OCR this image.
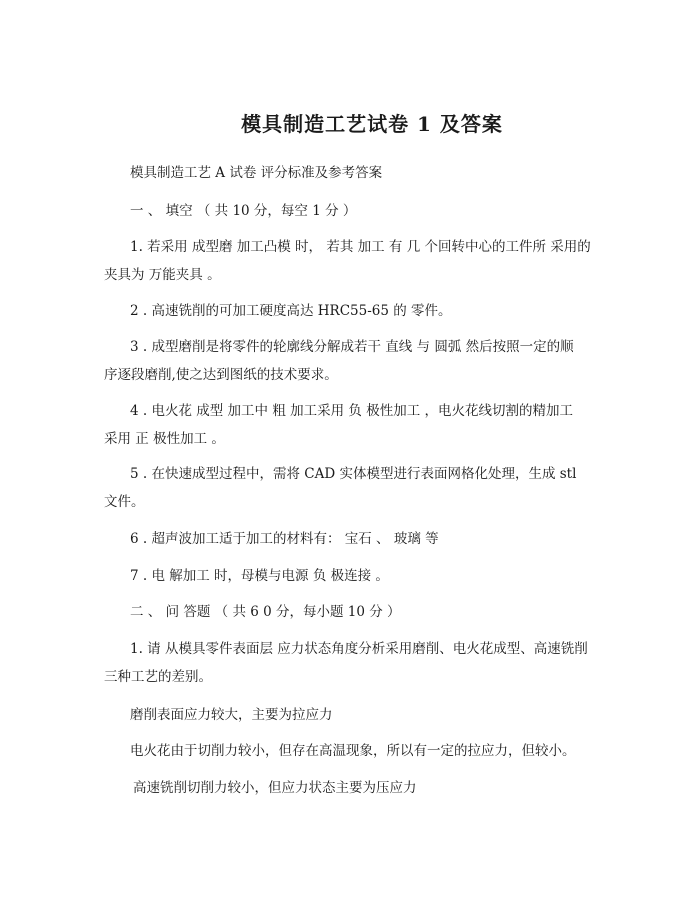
模具制造工艺试卷 1 及答案
模具制造工艺 A 试卷 评分标准及参考答案
一 、 填空 （ 共 10 分，每空 1 分 ）
1. 若采用 成型磨 加工凸模 时， 若其 加工 有 几 个回转中心的工件所 采用的
夹具为 万能夹具 。
2 . 高速铣削的可加工硬度高达 HRC55-65 的 零件。
3 . 成型磨削是将零件的轮廓线分解成若干 直线 与 圆弧 然后按照一定的顺
序逐段磨削,使之达到图纸的技术要求。
4 . 电火花 成型 加工中 粗 加工采用 负 极性加工 ，电火花线切割的精加工
采用 正 极性加工 。
5 . 在快速成型过程中，需将 CAD 实体模型进行表面网格化处理，生成 stl
文件。
6 . 超声波加工适于加工的材料有： 宝石 、 玻璃 等
7 . 电 解加工 时，母模与电源 负 极连接 。
二 、 问 答题 （ 共 6 0 分，每小题 10 分 ）
1. 请 从模具零件表面层 应力状态角度分析采用磨削、电火花成型、高速铣削
三种工艺的差别。
磨削表面应力较大，主要为拉应力
电火花由于切削力较小，但存在高温现象，所以有一定的拉应力，但较小。
高速铣削切削力较小，但应力状态主要为压应力
